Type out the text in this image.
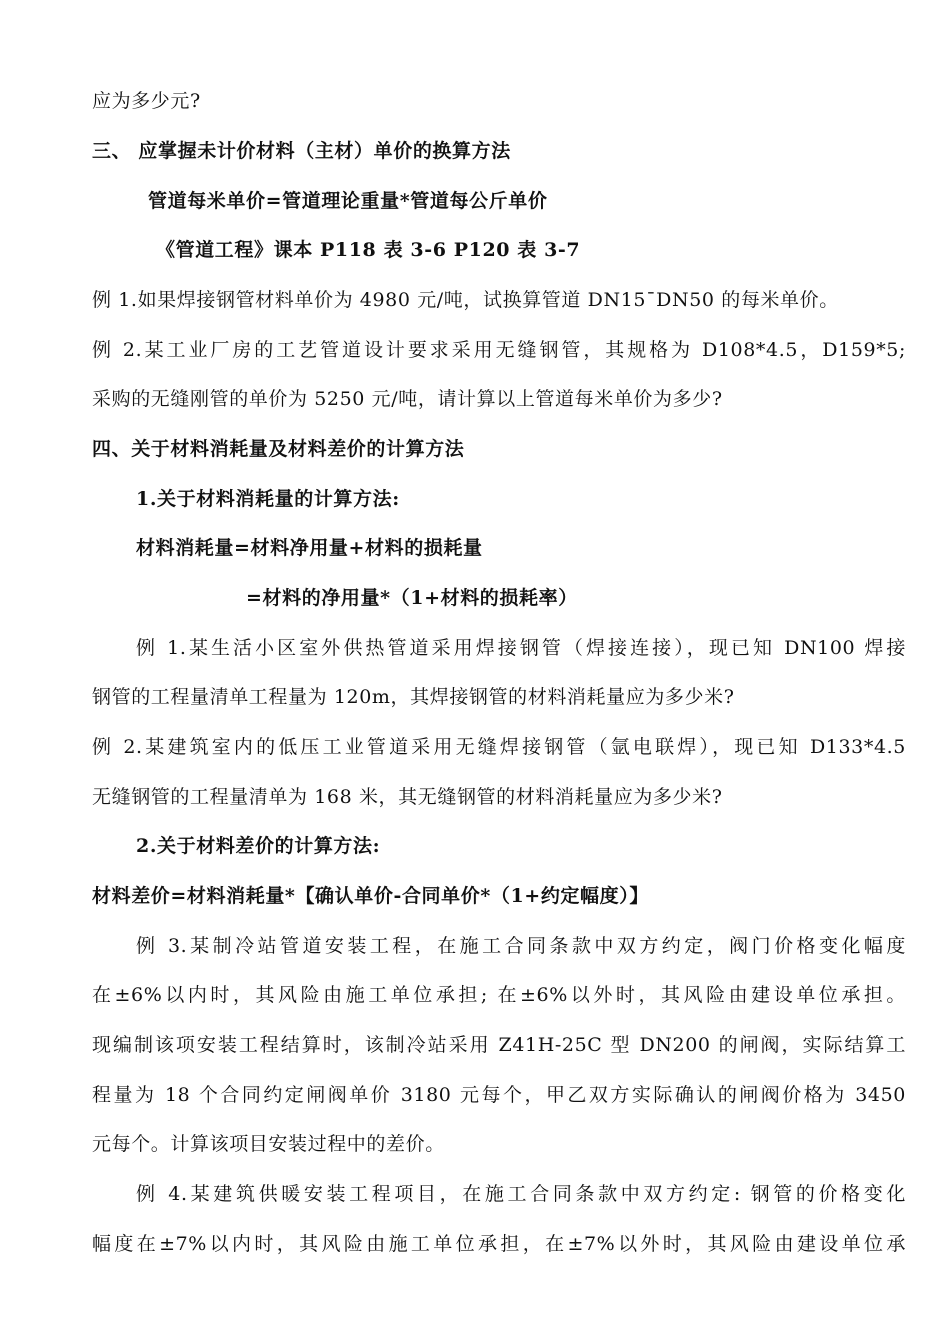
应为多少元?
三、 应掌握未计价材料（主材）单价的换算方法
管道每米单价=管道理论重量*管道每公斤单价
《管道工程》课本 P118 表 3-6 P120 表 3-7
例 1.如果焊接钢管材料单价为 4980 元/吨，试换算管道 DN15¯DN50 的每米单价。
例 2.某工业厂房的工艺管道设计要求采用无缝钢管，其规格为 D108*4.5，D159*5;
采购的无缝刚管的单价为 5250 元/吨，请计算以上管道每米单价为多少?
四、关于材料消耗量及材料差价的计算方法
1.关于材料消耗量的计算方法:
材料消耗量=材料净用量+材料的损耗量
=材料的净用量*（1+材料的损耗率）
例 1.某生活小区室外供热管道采用焊接钢管（焊接连接），现已知 DN100 焊接
钢管的工程量清单工程量为 120m，其焊接钢管的材料消耗量应为多少米?
例 2.某建筑室内的低压工业管道采用无缝焊接钢管（氩电联焊），现已知 D133*4.5
无缝钢管的工程量清单为 168 米，其无缝钢管的材料消耗量应为多少米?
2.关于材料差价的计算方法:
材料差价=材料消耗量*【确认单价-合同单价*（1+约定幅度）】
例 3.某制冷站管道安装工程，在施工合同条款中双方约定，阀门价格变化幅度
在±6%以内时，其风险由施工单位承担; 在±6%以外时，其风险由建设单位承担。
现编制该项安装工程结算时，该制冷站采用 Z41H-25C 型 DN200 的闸阀，实际结算工
程量为 18 个合同约定闸阀单价 3180 元每个，甲乙双方实际确认的闸阀价格为 3450
元每个。计算该项目安装过程中的差价。
例 4.某建筑供暖安装工程项目，在施工合同条款中双方约定: 钢管的价格变化
幅度在±7%以内时，其风险由施工单位承担，在±7%以外时，其风险由建设单位承
